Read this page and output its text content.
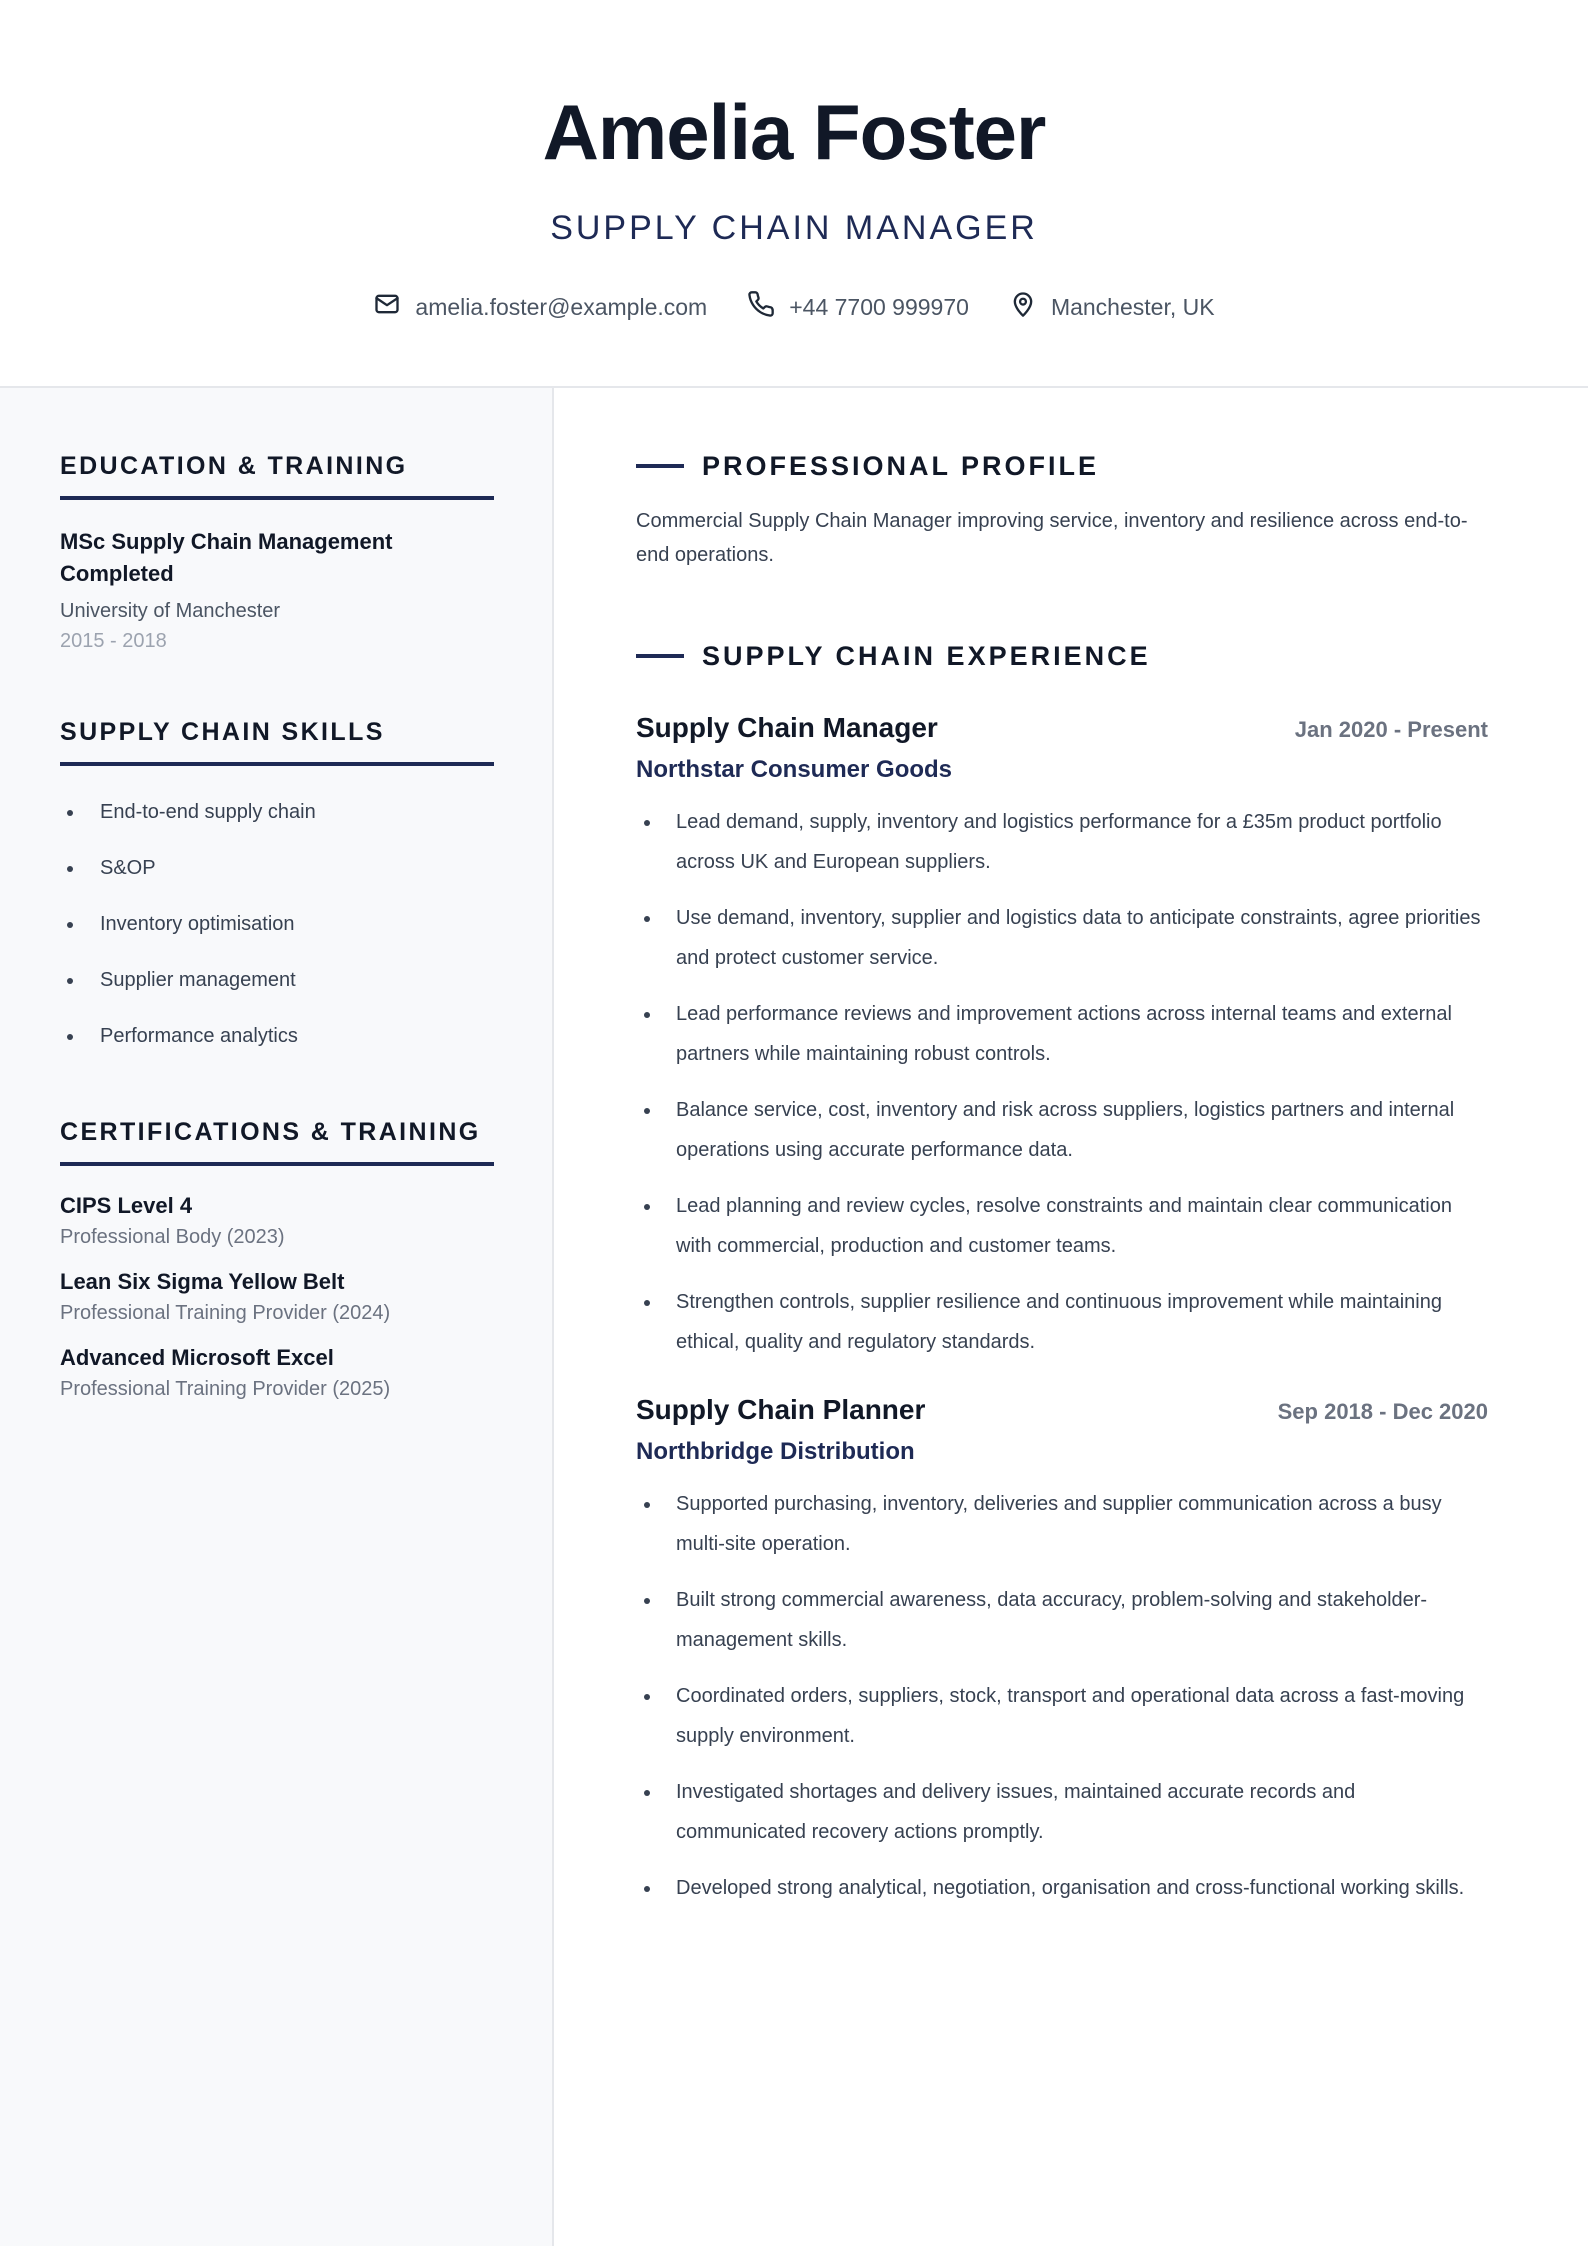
Amelia Foster
SUPPLY CHAIN MANAGER
amelia.foster@example.com	+44 7700 999970	Manchester, UK
EDUCATION & TRAINING
MSc Supply Chain Management Completed
University of Manchester
2015 - 2018
SUPPLY CHAIN SKILLS
End-to-end supply chain
S&OP
Inventory optimisation
Supplier management
Performance analytics
CERTIFICATIONS & TRAINING
CIPS Level 4
Professional Body (2023)
Lean Six Sigma Yellow Belt
Professional Training Provider (2024)
Advanced Microsoft Excel
Professional Training Provider (2025)
PROFESSIONAL PROFILE

Commercial Supply Chain Manager improving service, inventory and resilience across end-to-end operations.

SUPPLY CHAIN EXPERIENCE
Supply Chain Manager	Jan 2020 - Present
Northstar Consumer Goods
Lead demand, supply, inventory and logistics performance for a £35m product portfolio across UK and European suppliers.
Use demand, inventory, supplier and logistics data to anticipate constraints, agree priorities and protect customer service.
Lead performance reviews and improvement actions across internal teams and external partners while maintaining robust controls.
Balance service, cost, inventory and risk across suppliers, logistics partners and internal operations using accurate performance data.
Lead planning and review cycles, resolve constraints and maintain clear communication with commercial, production and customer teams.
Strengthen controls, supplier resilience and continuous improvement while maintaining ethical, quality and regulatory standards.
Supply Chain Planner	Sep 2018 - Dec 2020
Northbridge Distribution
Supported purchasing, inventory, deliveries and supplier communication across a busy multi-site operation.
Built strong commercial awareness, data accuracy, problem-solving and stakeholder-management skills.
Coordinated orders, suppliers, stock, transport and operational data across a fast-moving supply environment.
Investigated shortages and delivery issues, maintained accurate records and communicated recovery actions promptly.
Developed strong analytical, negotiation, organisation and cross-functional working skills.
